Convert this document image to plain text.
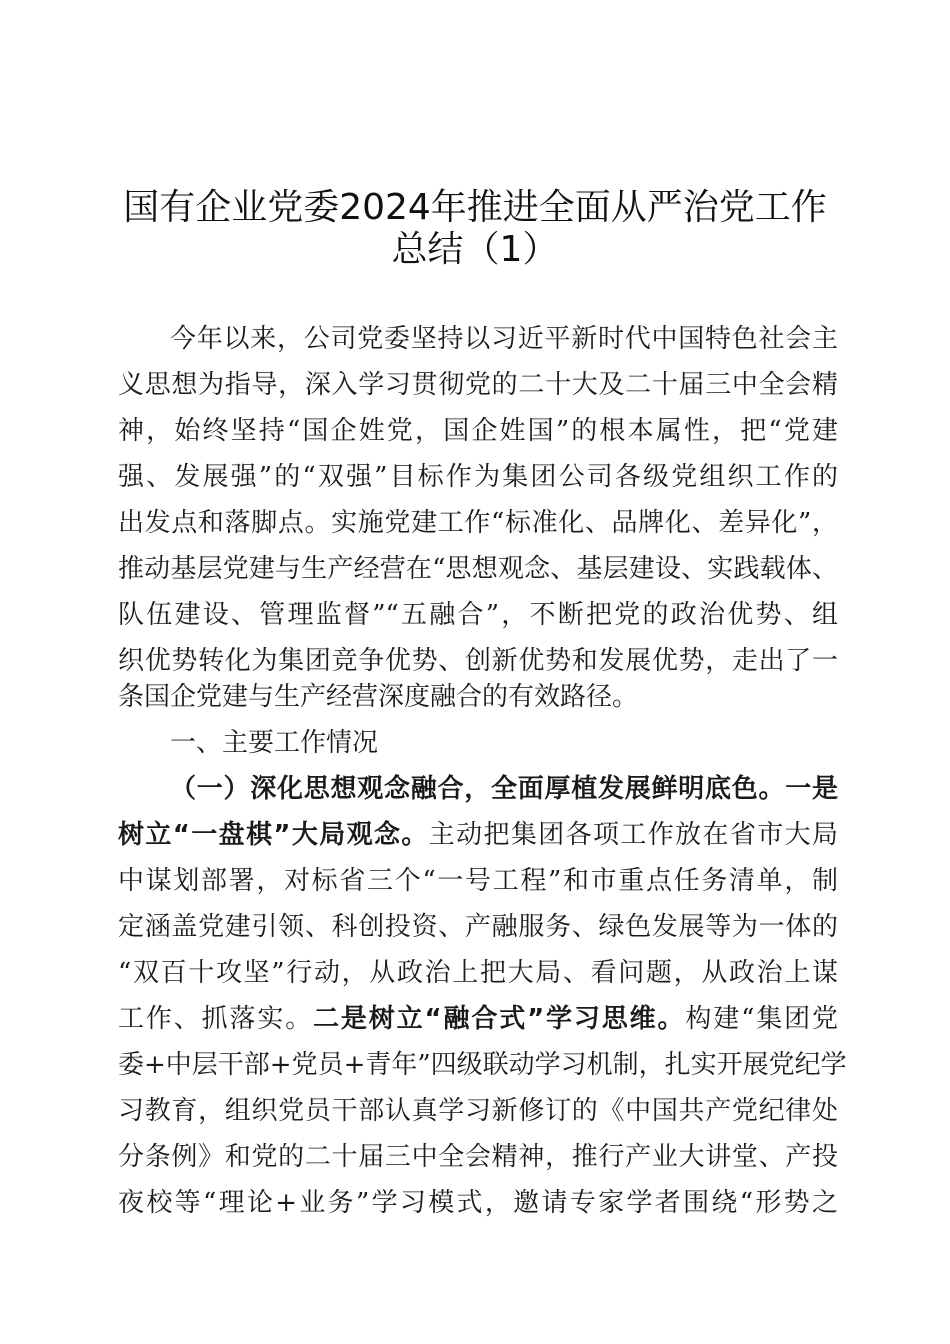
国有企业党委2024年推进全面从严治党工作
总结（1）
今年以来，公司党委坚持以习近平新时代中国特色社会主
义思想为指导，深入学习贯彻党的二十大及二十届三中全会精
神，始终坚持“国企姓党，国企姓国”的根本属性，把“党建
强、发展强”的“双强”目标作为集团公司各级党组织工作的
出发点和落脚点。实施党建工作“标准化、品牌化、差异化”，
推动基层党建与生产经营在“思想观念、基层建设、实践载体、
队伍建设、管理监督”“五融合”，不断把党的政治优势、组
织优势转化为集团竞争优势、创新优势和发展优势，走出了一
条国企党建与生产经营深度融合的有效路径。
一、主要工作情况
（一）深化思想观念融合，全面厚植发展鲜明底色。一是
树立“一盘棋”大局观念。主动把集团各项工作放在省市大局
中谋划部署，对标省三个“一号工程”和市重点任务清单，制
定涵盖党建引领、科创投资、产融服务、绿色发展等为一体的
“双百十攻坚”行动，从政治上把大局、看问题，从政治上谋
工作、抓落实。二是树立“融合式”学习思维。构建“集团党
委+中层干部+党员+青年”四级联动学习机制，扎实开展党纪学
习教育，组织党员干部认真学习新修订的《中国共产党纪律处
分条例》和党的二十届三中全会精神，推行产业大讲堂、产投
夜校等“理论+业务”学习模式，邀请专家学者围绕“形势之
